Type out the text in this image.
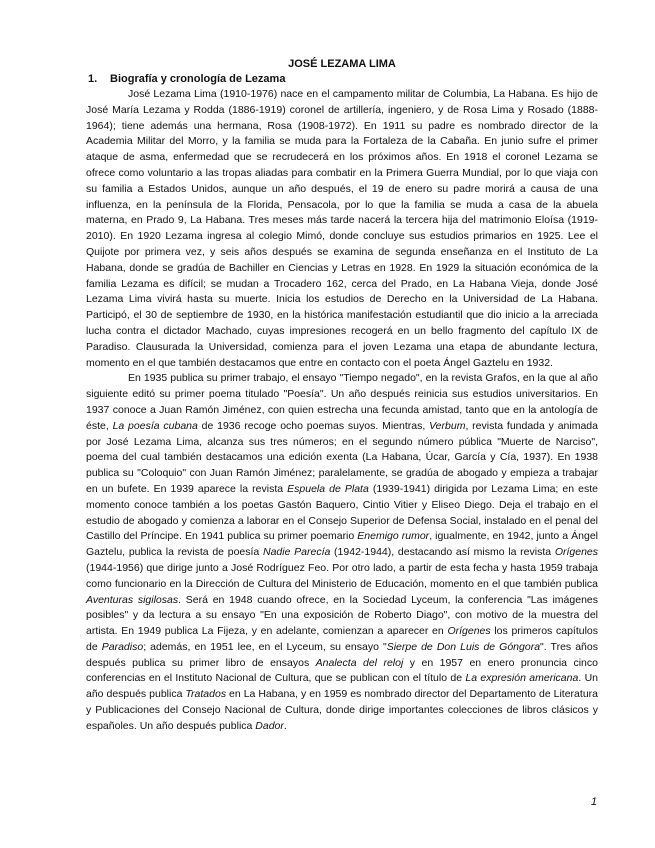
JOSÉ LEZAMA LIMA
1. Biografía y cronología de Lezama

José Lezama Lima (1910-1976) nace en el campamento militar de Columbia, La Habana. Es hijo de José María Lezama y Rodda (1886-1919) coronel de artillería, ingeniero, y de Rosa Lima y Rosado (1888-1964); tiene además una hermana, Rosa (1908-1972). En 1911 su padre es nombrado director de la Academia Militar del Morro, y la familia se muda para la Fortaleza de la Cabaña. En junio sufre el primer ataque de asma, enfermedad que se recrudecerá en los próximos años. En 1918 el coronel Lezama se ofrece como voluntario a las tropas aliadas para combatir en la Primera Guerra Mundial, por lo que viaja con su familia a Estados Unidos, aunque un año después, el 19 de enero su padre morirá a causa de una influenza, en la península de la Florida, Pensacola, por lo que la familia se muda a casa de la abuela materna, en Prado 9, La Habana. Tres meses más tarde nacerá la tercera hija del matrimonio Eloísa (1919-2010). En 1920 Lezama ingresa al colegio Mimó, donde concluye sus estudios primarios en 1925. Lee el Quijote por primera vez, y seis años después se examina de segunda enseñanza en el Instituto de La Habana, donde se gradúa de Bachiller en Ciencias y Letras en 1928. En 1929 la situación económica de la familia Lezama es difícil; se mudan a Trocadero 162, cerca del Prado, en La Habana Vieja, donde José Lezama Lima vivirá hasta su muerte. Inicia los estudios de Derecho en la Universidad de La Habana. Participó, el 30 de septiembre de 1930, en la histórica manifestación estudiantil que dio inicio a la arreciada lucha contra el dictador Machado, cuyas impresiones recogerá en un bello fragmento del capítulo IX de Paradiso. Clausurada la Universidad, comienza para el joven Lezama una etapa de abundante lectura, momento en el que también destacamos que entre en contacto con el poeta Ángel Gaztelu en 1932.

En 1935 publica su primer trabajo, el ensayo "Tiempo negado", en la revista Grafos, en la que al año siguiente editó su primer poema titulado "Poesía". Un año después reinicia sus estudios universitarios. En 1937 conoce a Juan Ramón Jiménez, con quien estrecha una fecunda amistad, tanto que en la antología de éste, La poesía cubana de 1936 recoge ocho poemas suyos. Mientras, Verbum, revista fundada y animada por José Lezama Lima, alcanza sus tres números; en el segundo número pública "Muerte de Narciso", poema del cual también destacamos una edición exenta (La Habana, Úcar, García y Cía, 1937). En 1938 publica su "Coloquio" con Juan Ramón Jiménez; paralelamente, se gradúa de abogado y empieza a trabajar en un bufete. En 1939 aparece la revista Espuela de Plata (1939-1941) dirigida por Lezama Lima; en este momento conoce también a los poetas Gastón Baquero, Cintio Vitier y Eliseo Diego. Deja el trabajo en el estudio de abogado y comienza a laborar en el Consejo Superior de Defensa Social, instalado en el penal del Castillo del Príncipe. En 1941 publica su primer poemario Enemigo rumor, igualmente, en 1942, junto a Ángel Gaztelu, publica la revista de poesía Nadie Parecía (1942-1944), destacando así mismo la revista Orígenes (1944-1956) que dirige junto a José Rodríguez Feo. Por otro lado, a partir de esta fecha y hasta 1959 trabaja como funcionario en la Dirección de Cultura del Ministerio de Educación, momento en el que también publica Aventuras sigilosas. Será en 1948 cuando ofrece, en la Sociedad Lyceum, la conferencia "Las imágenes posibles" y da lectura a su ensayo "En una exposición de Roberto Diago", con motivo de la muestra del artista. En 1949 publica La Fijeza, y en adelante, comienzan a aparecer en Orígenes los primeros capítulos de Paradiso; además, en 1951 lee, en el Lyceum, su ensayo "Sierpe de Don Luis de Góngora". Tres años después publica su primer libro de ensayos Analecta del reloj y en 1957 en enero pronuncia cinco conferencias en el Instituto Nacional de Cultura, que se publican con el título de La expresión americana. Un año después publica Tratados en La Habana, y en 1959 es nombrado director del Departamento de Literatura y Publicaciones del Consejo Nacional de Cultura, donde dirige importantes colecciones de libros clásicos y españoles. Un año después publica Dador.

1
